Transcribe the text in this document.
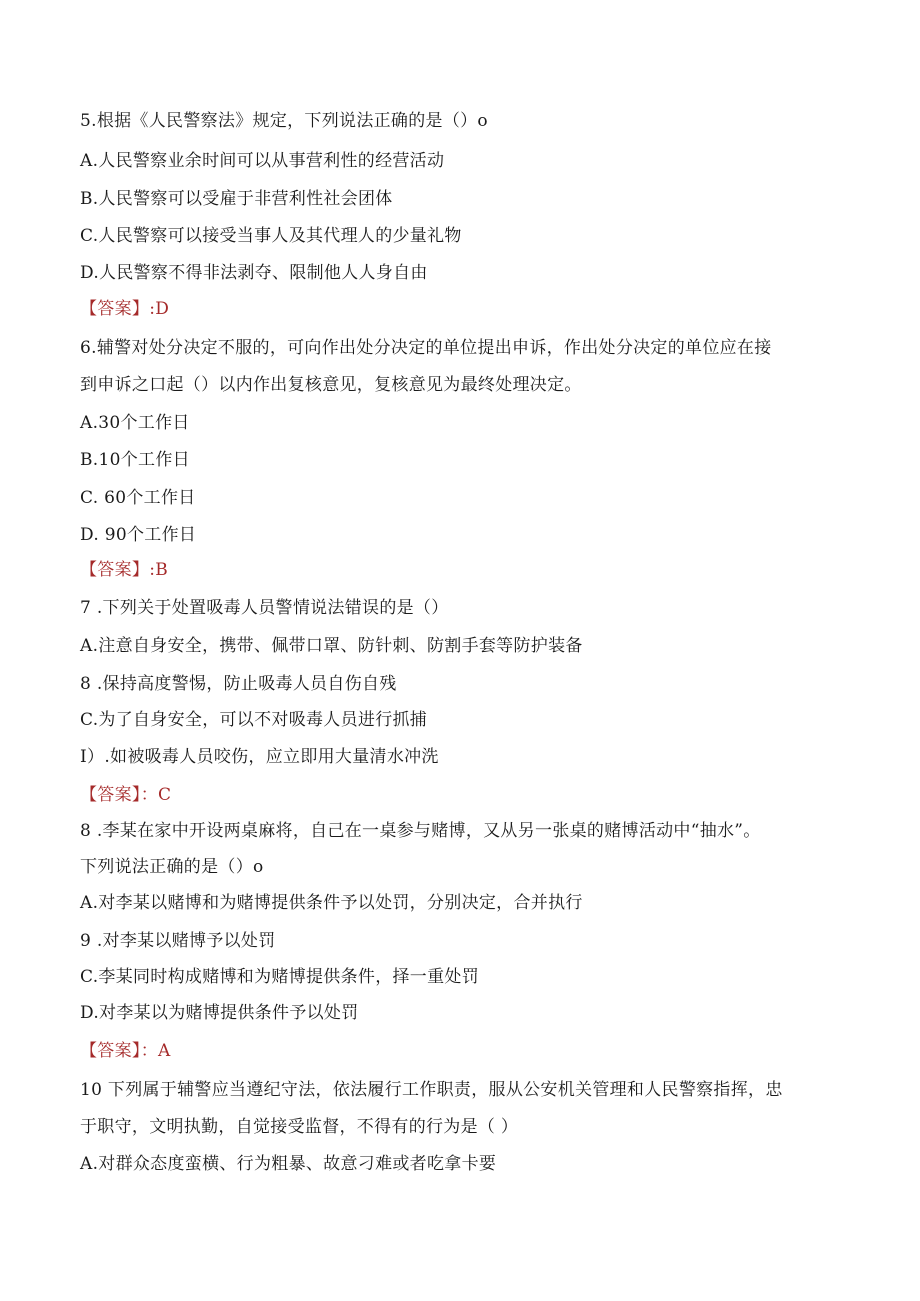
5.根据《人民警察法》规定，下列说法正确的是（）o
A.人民警察业余时间可以从事营利性的经营活动
B.人民警察可以受雇于非营利性社会团体
C.人民警察可以接受当事人及其代理人的少量礼物
D.人民警察不得非法剥夺、限制他人人身自由
【答案】:D
6.辅警对处分决定不服的，可向作出处分决定的单位提出申诉，作出处分决定的单位应在接
到申诉之口起（）以内作出复核意见，复核意见为最终处理决定。
A.30个工作日
B.10个工作日
C. 60个工作日
D. 90个工作日
【答案】:B
7 .下列关于处置吸毒人员警情说法错误的是（）
A.注意自身安全，携带、佩带口罩、防针刺、防割手套等防护装备
8 .保持高度警惕，防止吸毒人员自伤自残
C.为了自身安全，可以不对吸毒人员进行抓捕
I）.如被吸毒人员咬伤，应立即用大量清水冲洗
【答案】：C
8 .李某在家中开设两桌麻将，自己在一桌参与赌博，又从另一张桌的赌博活动中“抽水”。
下列说法正确的是（）o
A.对李某以赌博和为赌博提供条件予以处罚，分别决定，合并执行
9 .对李某以赌博予以处罚
C.李某同时构成赌博和为赌博提供条件，择一重处罚
D.对李某以为赌博提供条件予以处罚
【答案】：A
10 下列属于辅警应当遵纪守法，依法履行工作职责，服从公安机关管理和人民警察指挥，忠
于职守，文明执勤，自觉接受监督，不得有的行为是（ ）
A.对群众态度蛮横、行为粗暴、故意刁难或者吃拿卡要
